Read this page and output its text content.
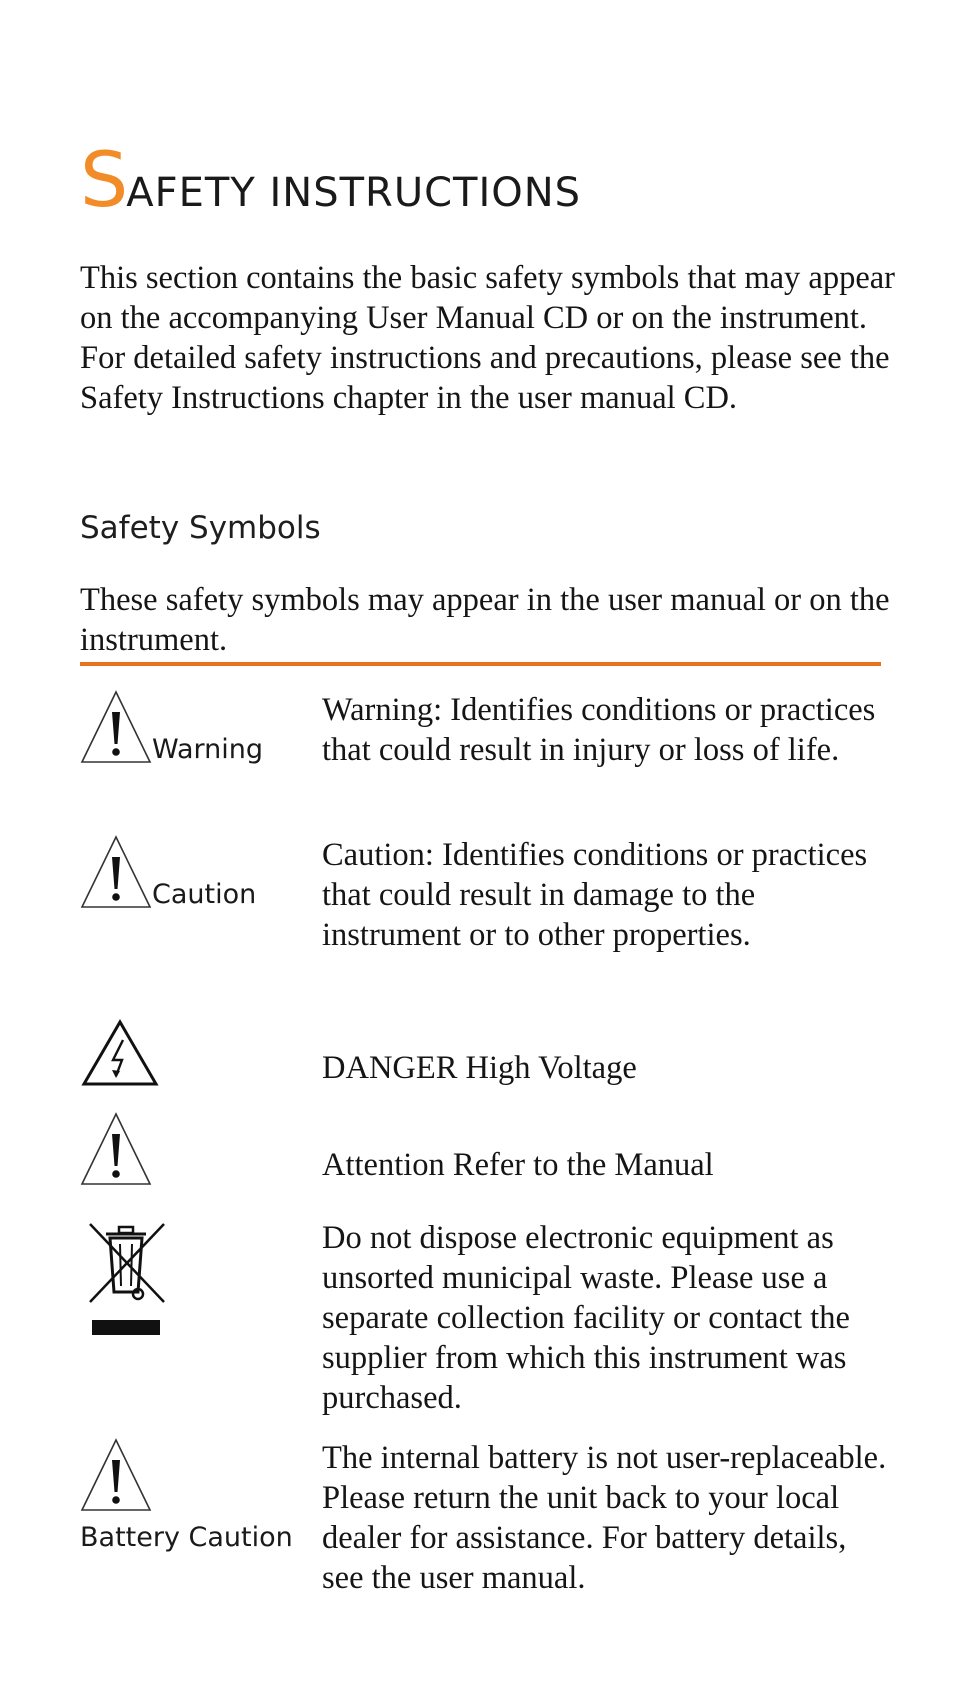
SAFETY INSTRUCTIONS
This section contains the basic safety symbols that may appear on the accompanying User Manual CD or on the instrument. For detailed safety instructions and precautions, please see the Safety Instructions chapter in the user manual CD.
Safety Symbols
These safety symbols may appear in the user manual or on the instrument.
Warning
Warning: Identifies conditions or practices that could result in injury or loss of life.
Caution
Caution: Identifies conditions or practices that could result in damage to the instrument or to other properties.
DANGER High Voltage
Attention Refer to the Manual
Do not dispose electronic equipment as unsorted municipal waste. Please use a separate collection facility or contact the supplier from which this instrument was purchased.
Battery Caution
The internal battery is not user-replaceable. Please return the unit back to your local dealer for assistance. For battery details, see the user manual.
